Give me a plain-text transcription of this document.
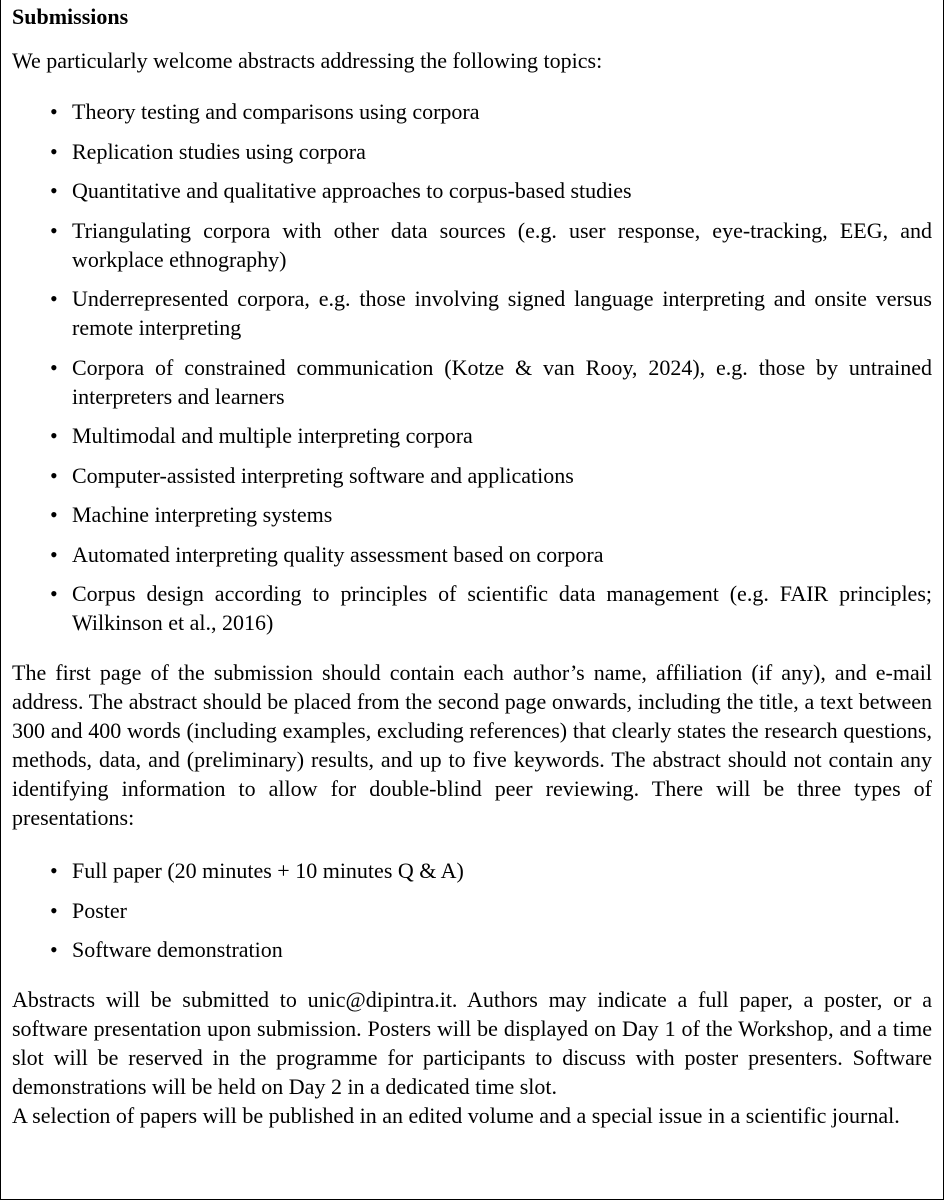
Submissions

We particularly welcome abstracts addressing the following topics:

• Theory testing and comparisons using corpora
• Replication studies using corpora
• Quantitative and qualitative approaches to corpus-based studies
• Triangulating corpora with other data sources (e.g. user response, eye-tracking, EEG, and workplace ethnography)
• Underrepresented corpora, e.g. those involving signed language interpreting and onsite versus remote interpreting
• Corpora of constrained communication (Kotze & van Rooy, 2024), e.g. those by untrained interpreters and learners
• Multimodal and multiple interpreting corpora
• Computer-assisted interpreting software and applications
• Machine interpreting systems
• Automated interpreting quality assessment based on corpora
• Corpus design according to principles of scientific data management (e.g. FAIR principles; Wilkinson et al., 2016)

The first page of the submission should contain each author’s name, affiliation (if any), and e-mail address. The abstract should be placed from the second page onwards, including the title, a text between 300 and 400 words (including examples, excluding references) that clearly states the research questions, methods, data, and (preliminary) results, and up to five keywords. The abstract should not contain any identifying information to allow for double-blind peer reviewing. There will be three types of presentations:

• Full paper (20 minutes + 10 minutes Q & A)
• Poster
• Software demonstration

Abstracts will be submitted to unic@dipintra.it. Authors may indicate a full paper, a poster, or a software presentation upon submission. Posters will be displayed on Day 1 of the Workshop, and a time slot will be reserved in the programme for participants to discuss with poster presenters. Software demonstrations will be held on Day 2 in a dedicated time slot.

A selection of papers will be published in an edited volume and a special issue in a scientific journal.
